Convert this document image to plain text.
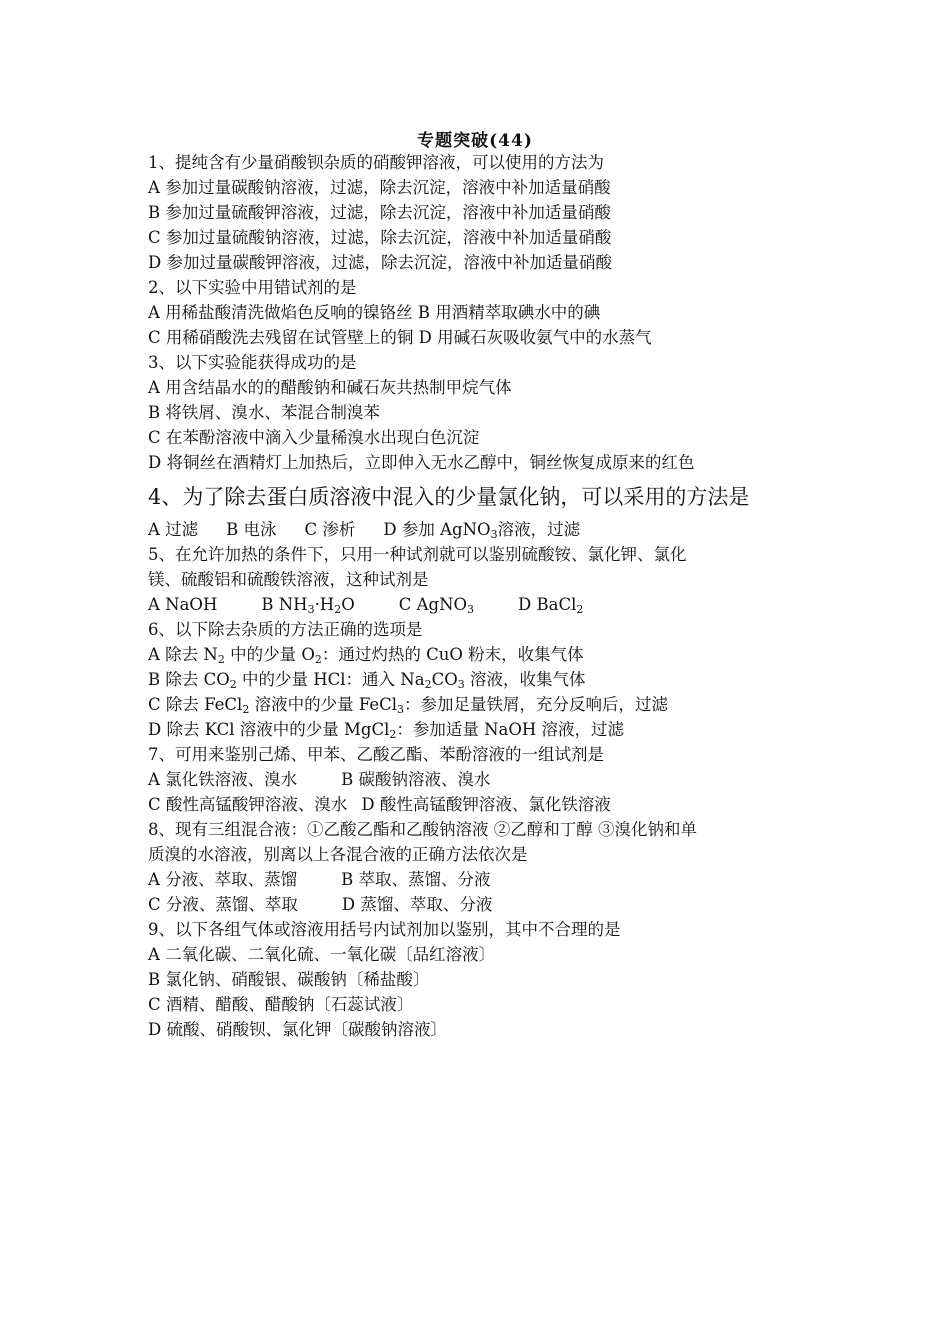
专题突破(44)
1、提纯含有少量硝酸钡杂质的硝酸钾溶液，可以使用的方法为
A 参加过量碳酸钠溶液，过滤，除去沉淀，溶液中补加适量硝酸
B 参加过量硫酸钾溶液，过滤，除去沉淀，溶液中补加适量硝酸
C 参加过量硫酸钠溶液，过滤，除去沉淀，溶液中补加适量硝酸
D 参加过量碳酸钾溶液，过滤，除去沉淀，溶液中补加适量硝酸
2、以下实验中用错试剂的是
A 用稀盐酸清洗做焰色反响的镍铬丝 B 用酒精萃取碘水中的碘
C 用稀硝酸洗去残留在试管壁上的铜 D 用碱石灰吸收氨气中的水蒸气
3、以下实验能获得成功的是
A 用含结晶水的的醋酸钠和碱石灰共热制甲烷气体
B 将铁屑、溴水、苯混合制溴苯
C 在苯酚溶液中滴入少量稀溴水出现白色沉淀
D 将铜丝在酒精灯上加热后，立即伸入无水乙醇中，铜丝恢复成原来的红色
4、为了除去蛋白质溶液中混入的少量氯化钠，可以采用的方法是
A 过滤 B 电泳 C 渗析 D 参加 AgNO$_3$溶液，过滤
5、在允许加热的条件下，只用一种试剂就可以鉴别硫酸铵、氯化钾、氯化
镁、硫酸铝和硫酸铁溶液，这种试剂是
A NaOH	B $NH_3\cdot H_2O$	C AgNO$_3$	D BaCl$_2$
6、以下除去杂质的方法正确的选项是
A 除去 $N_2$ 中的少量 $O_2$：通过灼热的 CuO 粉末，收集气体
B 除去 $CO_2$ 中的少量 HCl：通入 $Na_2CO_3$ 溶液，收集气体
C 除去 FeCl$_2$ 溶液中的少量 FeCl$_3$：参加足量铁屑，充分反响后，过滤
D 除去 KCl 溶液中的少量 MgCl$_2$：参加适量 NaOH 溶液，过滤
7、可用来鉴别己烯、甲苯、乙酸乙酯、苯酚溶液的一组试剂是
A 氯化铁溶液、溴水	B 碳酸钠溶液、溴水
C 酸性高锰酸钾溶液、溴水 D 酸性高锰酸钾溶液、氯化铁溶液
8、现有三组混合液：①乙酸乙酯和乙酸钠溶液 ②乙醇和丁醇 ③溴化钠和单
质溴的水溶液，别离以上各混合液的正确方法依次是
A 分液、萃取、蒸馏	B 萃取、蒸馏、分液
C 分液、蒸馏、萃取	D 蒸馏、萃取、分液
9、以下各组气体或溶液用括号内试剂加以鉴别，其中不合理的是
A 二氧化碳、二氧化硫、一氧化碳〔品红溶液〕
B 氯化钠、硝酸银、碳酸钠〔稀盐酸〕
C 酒精、醋酸、醋酸钠〔石蕊试液〕
D 硫酸、硝酸钡、氯化钾〔碳酸钠溶液〕
